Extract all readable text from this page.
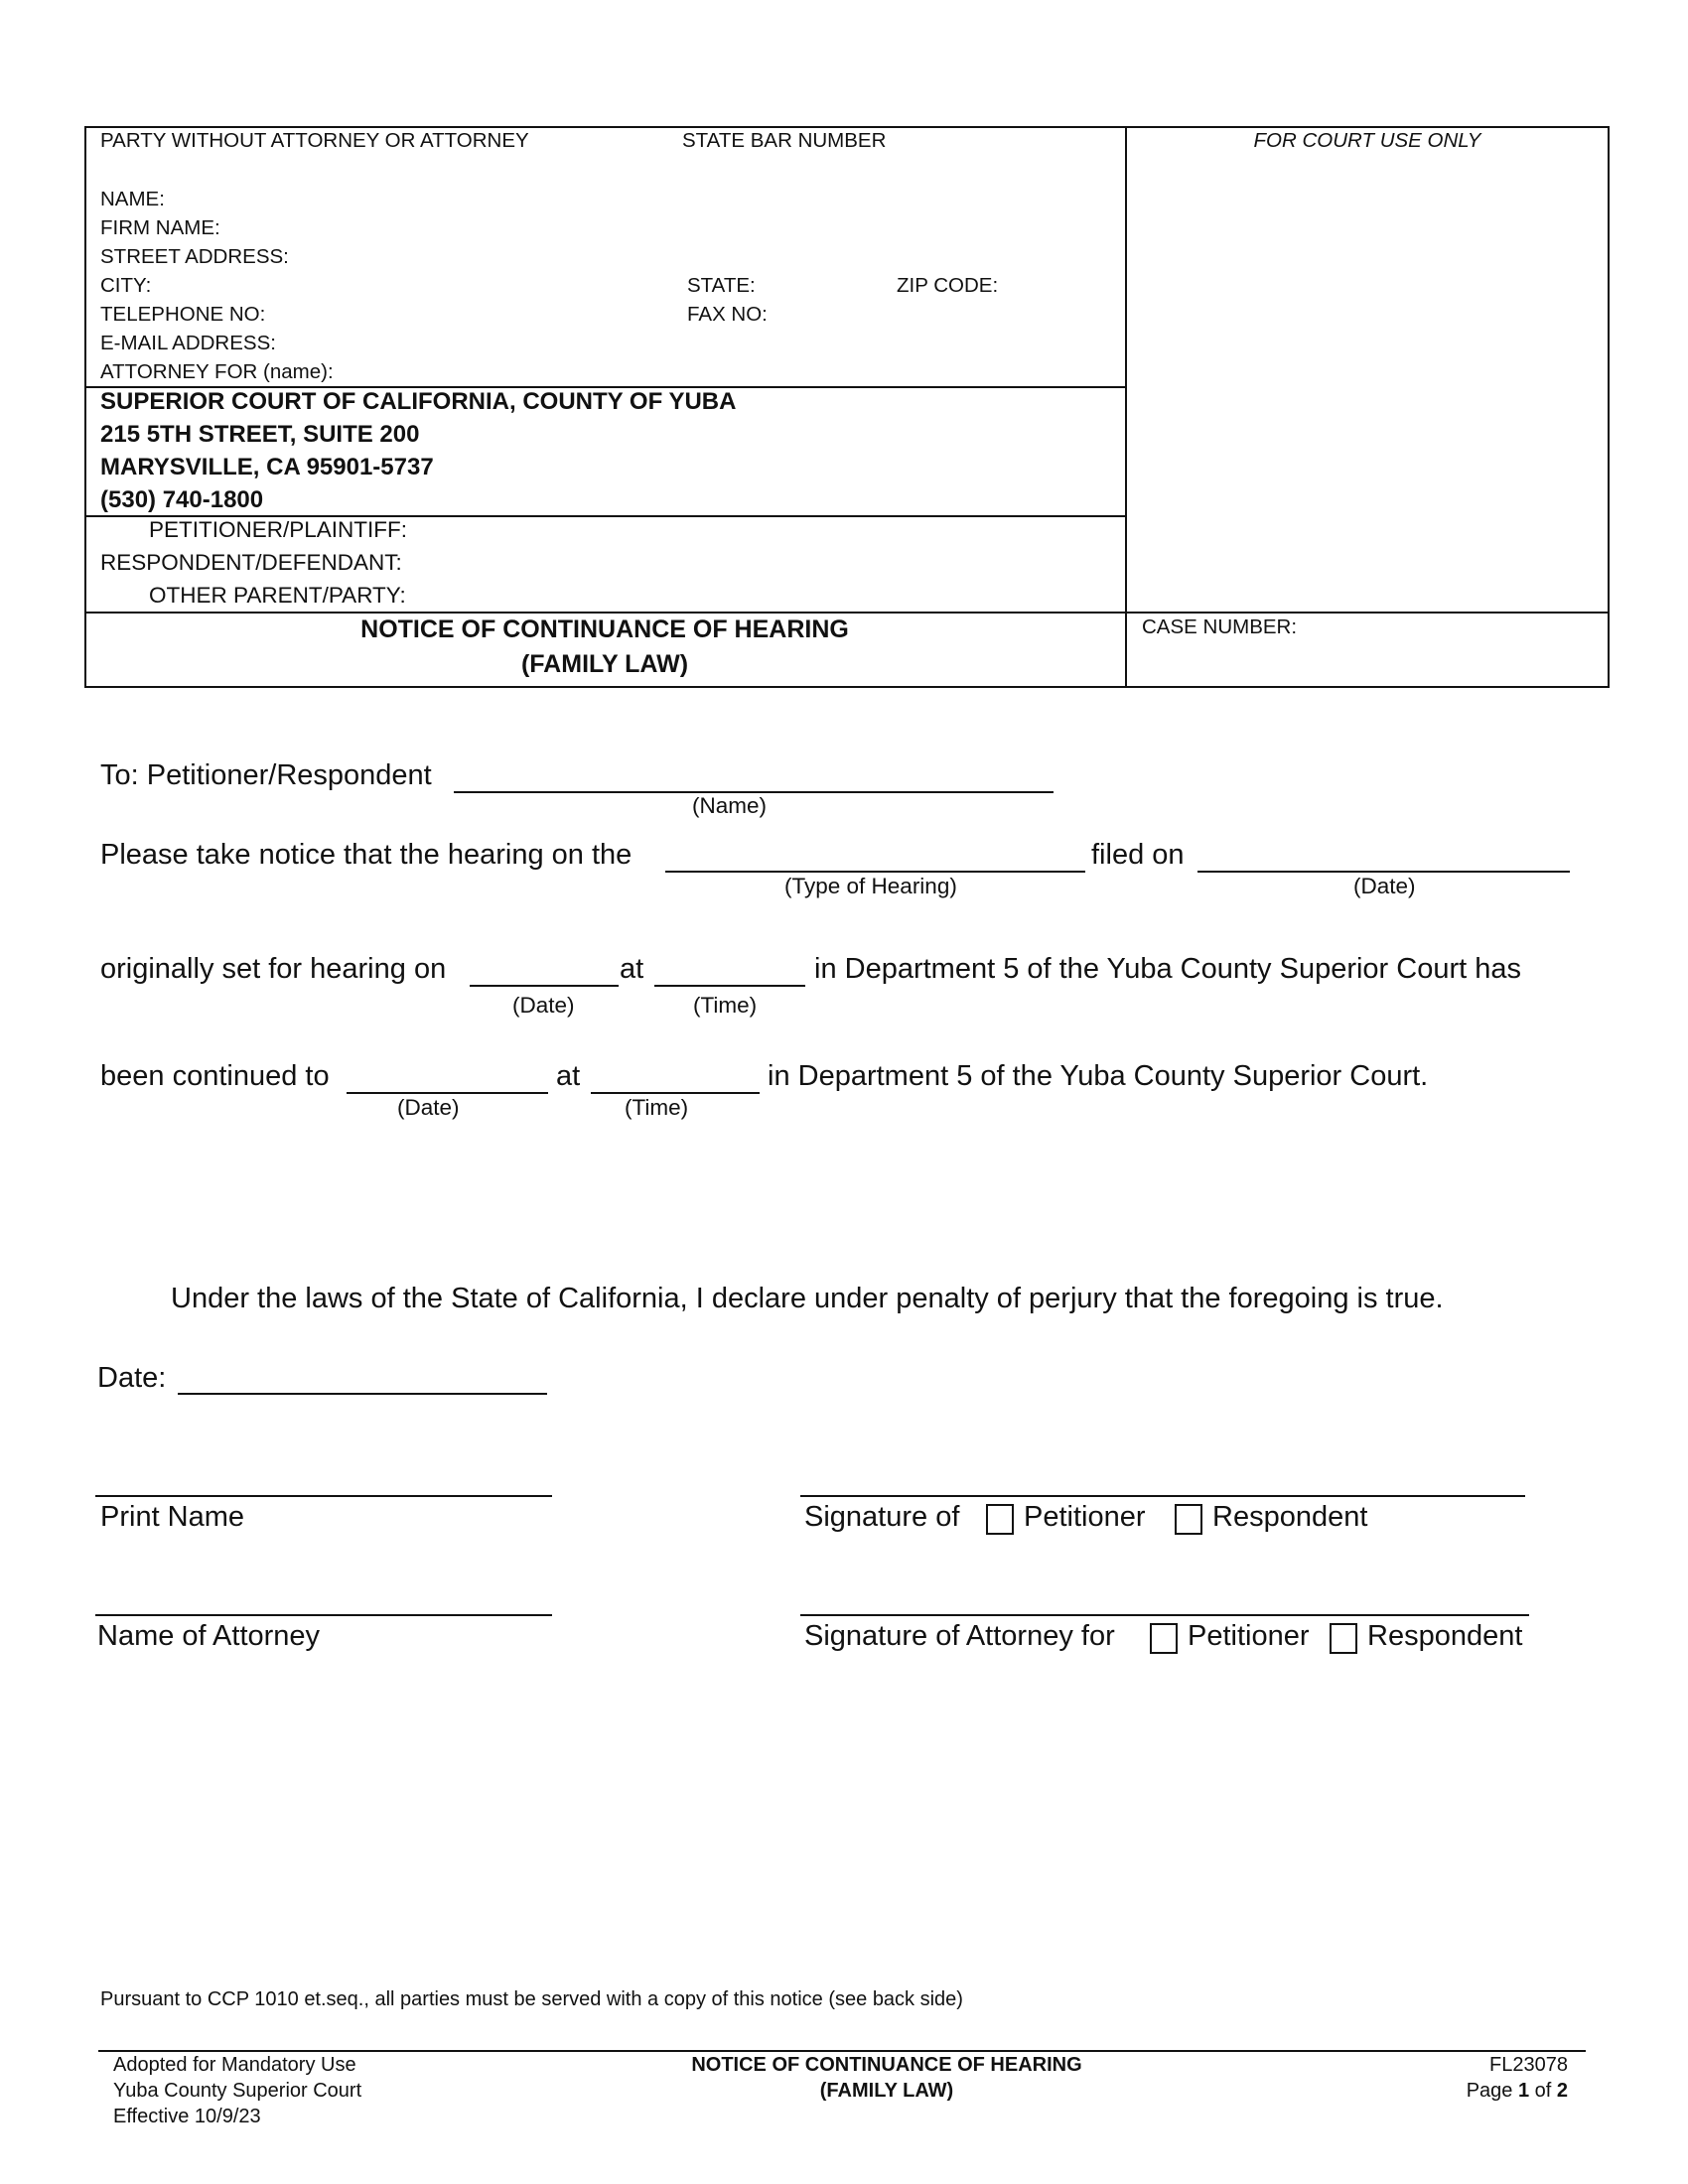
PARTY WITHOUT ATTORNEY OR ATTORNEY	STATE BAR NUMBER	FOR COURT USE ONLY
NAME:
FIRM NAME:
STREET ADDRESS:
CITY:	STATE:	ZIP CODE:
TELEPHONE NO:	FAX NO:
E-MAIL ADDRESS:
ATTORNEY FOR (name):
SUPERIOR COURT OF CALIFORNIA, COUNTY OF YUBA
215 5TH STREET, SUITE 200
MARYSVILLE, CA 95901-5737
(530) 740-1800
PETITIONER/PLAINTIFF:
RESPONDENT/DEFENDANT:
OTHER PARENT/PARTY:
NOTICE OF CONTINUANCE OF HEARING
(FAMILY LAW)
CASE NUMBER:
To: Petitioner/Respondent
(Name)
Please take notice that the hearing on the	filed on
(Type of Hearing)	(Date)
originally set for hearing on	at	in Department 5 of the Yuba County Superior Court has
(Date)	(Time)
been continued to	at	in Department 5 of the Yuba County Superior Court.
(Date)	(Time)
Under the laws of the State of California, I declare under penalty of perjury that the foregoing is true.
Date:
Print Name	Signature of Petitioner Respondent
Name of Attorney	Signature of Attorney for	Petitioner Respondent
Pursuant to CCP 1010 et.seq., all parties must be served with a copy of this notice (see back side)
Adopted for Mandatory Use
Yuba County Superior Court
Effective 10/9/23
NOTICE OF CONTINUANCE OF HEARING
(FAMILY LAW)
FL23078
Page 1 of 2
